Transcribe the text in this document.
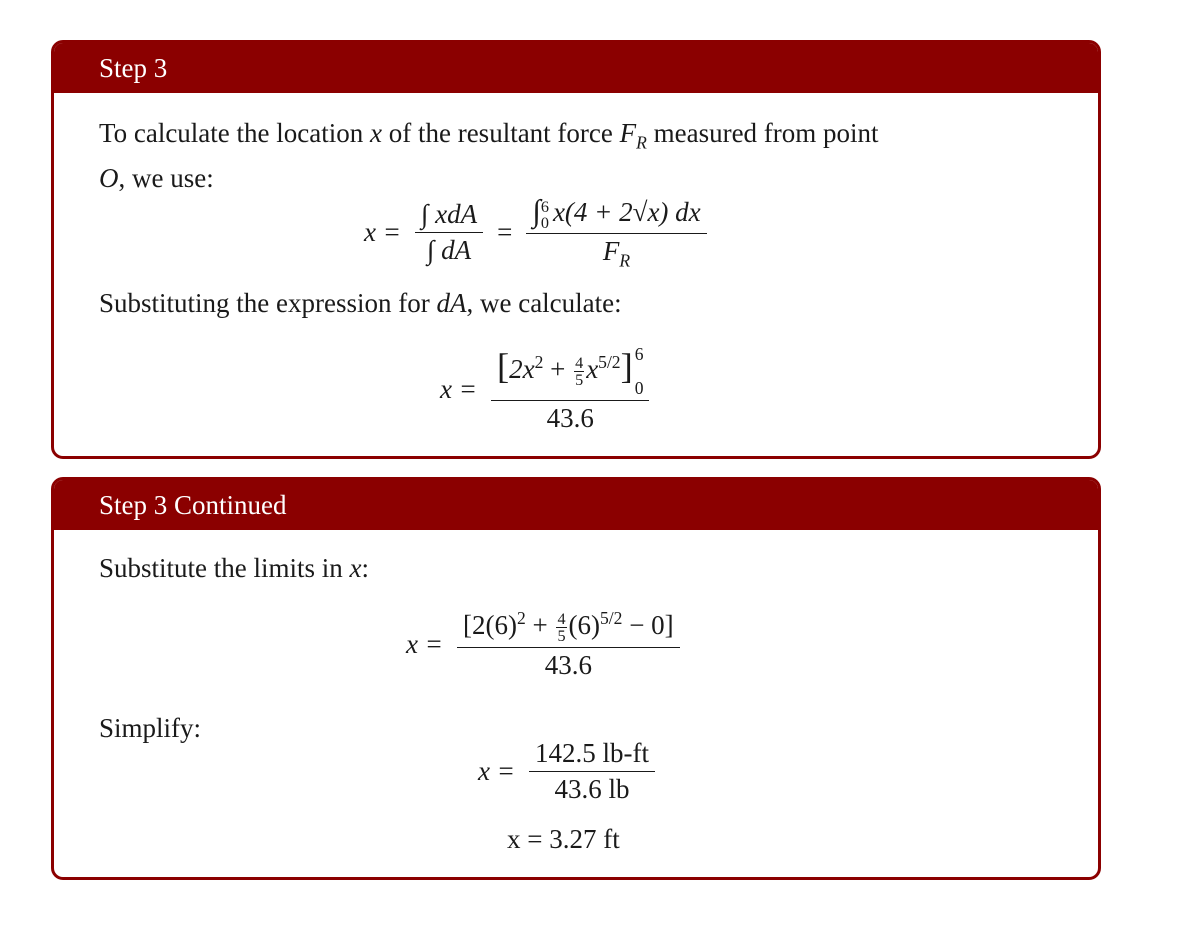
Step 3
To calculate the location x of the resultant force $F_R$ measured from point
O, we use:
$x = \frac{\text{∫ xdA}}{\int dA}$ = ∫ 6
0 x(4 + 2√x) dx
$F_R$
Substituting the expression for dA, we calculate:
$x = [2x^2 + \frac{4}{5} x^{5/2}]$ 6
0
43.6
Step 3 Continued
Substitute the limits in x:
$x = \frac{[2(6)^2 + \frac{4}{5} (6)^{5/2} - 0]}{43.6}$
Simplify:
$x = \frac{142.5 lb-ft}{43.6 lb}$
x = 3.27 ft
